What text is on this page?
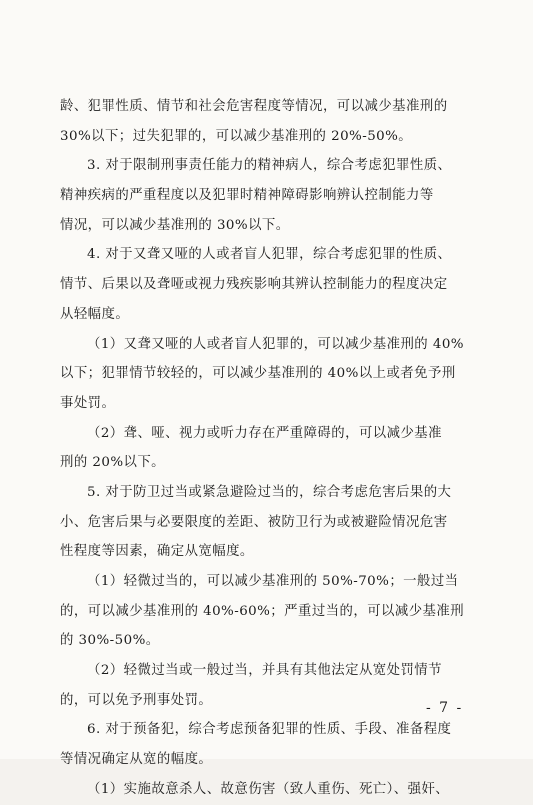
龄、犯罪性质、情节和社会危害程度等情况，可以减少基准刑的
30%以下；过失犯罪的，可以减少基准刑的 20%-50%。
3. 对于限制刑事责任能力的精神病人，综合考虑犯罪性质、
精神疾病的严重程度以及犯罪时精神障碍影响辨认控制能力等
情况，可以减少基准刑的 30%以下。
4. 对于又聋又哑的人或者盲人犯罪，综合考虑犯罪的性质、
情节、后果以及聋哑或视力残疾影响其辨认控制能力的程度决定
从轻幅度。
（1）又聋又哑的人或者盲人犯罪的，可以减少基准刑的 40%
以下；犯罪情节较轻的，可以减少基准刑的 40%以上或者免予刑
事处罚。
（2）聋、哑、视力或听力存在严重障碍的，可以减少基准
刑的 20%以下。
5. 对于防卫过当或紧急避险过当的，综合考虑危害后果的大
小、危害后果与必要限度的差距、被防卫行为或被避险情况危害
性程度等因素，确定从宽幅度。
（1）轻微过当的，可以减少基准刑的 50%-70%；一般过当
的，可以减少基准刑的 40%-60%；严重过当的，可以减少基准刑
的 30%-50%。
（2）轻微过当或一般过当，并具有其他法定从宽处罚情节
的，可以免予刑事处罚。
6. 对于预备犯，综合考虑预备犯罪的性质、手段、准备程度
等情况确定从宽的幅度。
（1）实施故意杀人、故意伤害（致人重伤、死亡）、强奸、
- 7 -
